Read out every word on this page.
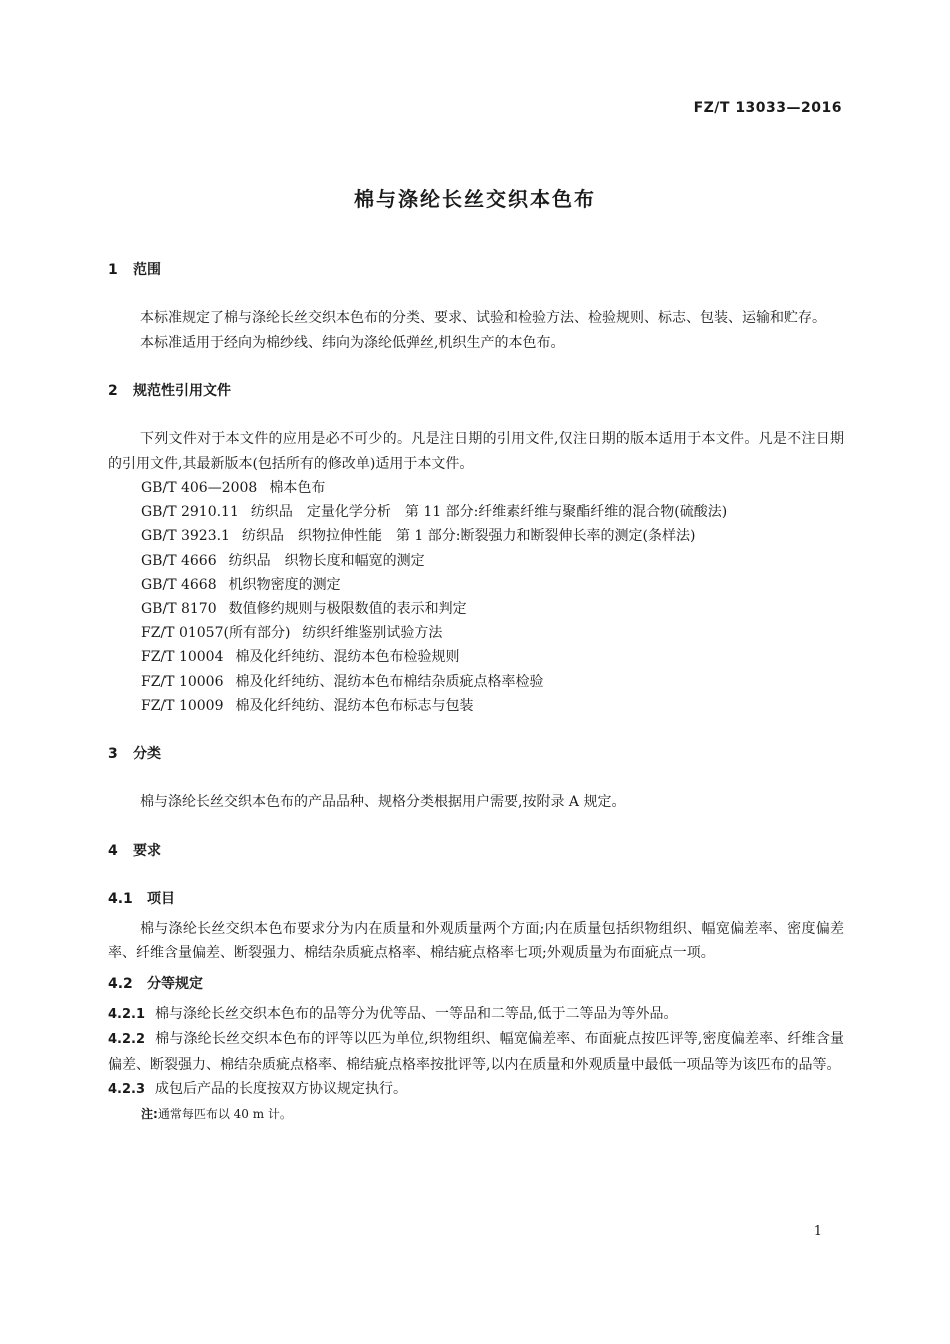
FZ/T 13033—2016
棉与涤纶长丝交织本色布
1 范围

本标准规定了棉与涤纶长丝交织本色布的分类、要求、试验和检验方法、检验规则、标志、包装、运输和贮存。

本标准适用于经向为棉纱线、纬向为涤纶低弹丝,机织生产的本色布。

2 规范性引用文件

下列文件对于本文件的应用是必不可少的。凡是注日期的引用文件,仅注日期的版本适用于本文件。凡是不注日期的引用文件,其最新版本(包括所有的修改单)适用于本文件。

GB/T 406—2008 棉本色布
GB/T 2910.11 纺织品　定量化学分析　第 11 部分:纤维素纤维与聚酯纤维的混合物(硫酸法)
GB/T 3923.1 纺织品　织物拉伸性能　第 1 部分:断裂强力和断裂伸长率的测定(条样法)
GB/T 4666 纺织品　织物长度和幅宽的测定
GB/T 4668 机织物密度的测定
GB/T 8170 数值修约规则与极限数值的表示和判定
FZ/T 01057(所有部分) 纺织纤维鉴别试验方法
FZ/T 10004 棉及化纤纯纺、混纺本色布检验规则
FZ/T 10006 棉及化纤纯纺、混纺本色布棉结杂质疵点格率检验
FZ/T 10009 棉及化纤纯纺、混纺本色布标志与包装
3 分类

棉与涤纶长丝交织本色布的产品品种、规格分类根据用户需要,按附录 A 规定。

4 要求
4.1 项目

棉与涤纶长丝交织本色布要求分为内在质量和外观质量两个方面;内在质量包括织物组织、幅宽偏差率、密度偏差率、纤维含量偏差、断裂强力、棉结杂质疵点格率、棉结疵点格率七项;外观质量为布面疵点一项。

4.2 分等规定

4.2.1 棉与涤纶长丝交织本色布的品等分为优等品、一等品和二等品,低于二等品为等外品。

4.2.2 棉与涤纶长丝交织本色布的评等以匹为单位,织物组织、幅宽偏差率、布面疵点按匹评等,密度偏差率、纤维含量偏差、断裂强力、棉结杂质疵点格率、棉结疵点格率按批评等,以内在质量和外观质量中最低一项品等为该匹布的品等。

4.2.3 成包后产品的长度按双方协议规定执行。

注:通常每匹布以 40 m 计。
1
